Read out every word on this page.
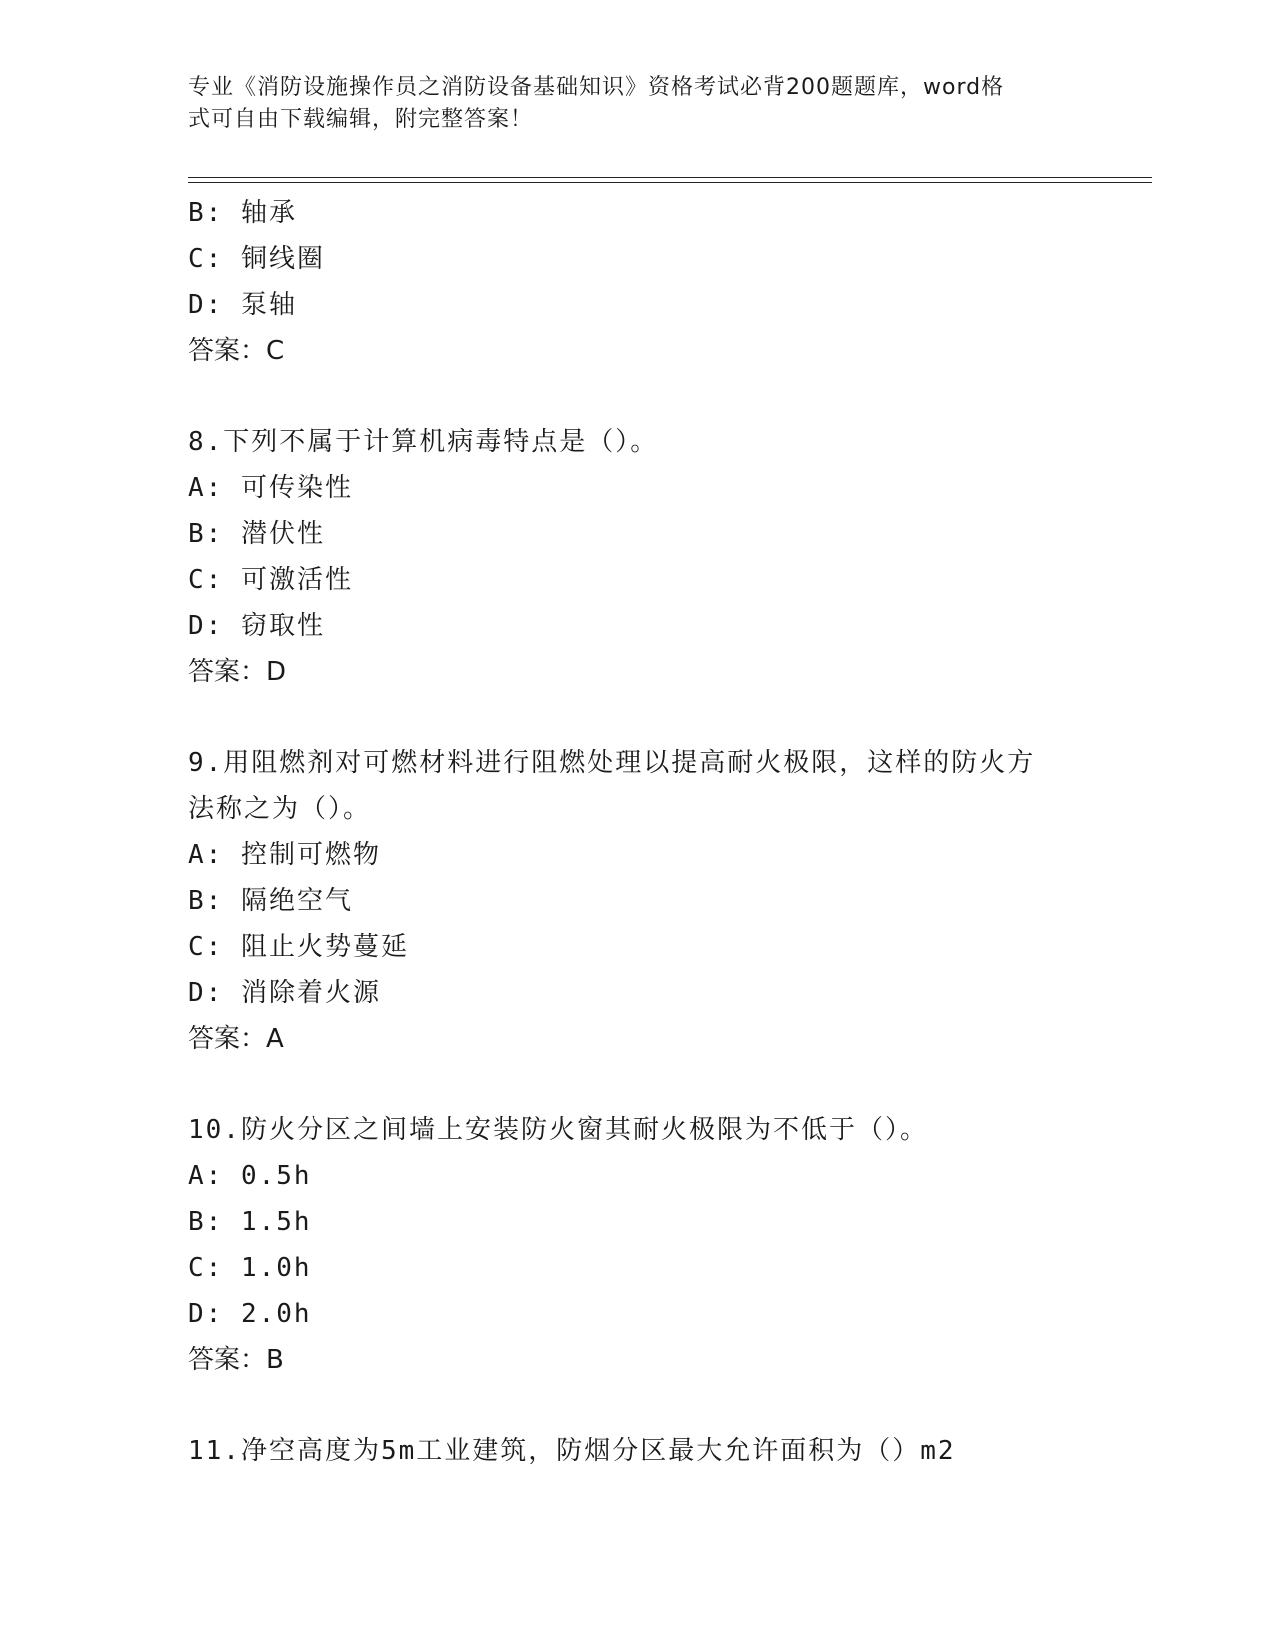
专业《消防设施操作员之消防设备基础知识》资格考试必背200题题库，word格
式可自由下载编辑，附完整答案！
B: 轴承
C: 铜线圈
D: 泵轴
答案：C
8.下列不属于计算机病毒特点是（）。
A: 可传染性
B: 潜伏性
C: 可激活性
D: 窃取性
答案：D
9.用阻燃剂对可燃材料进行阻燃处理以提高耐火极限，这样的防火方
法称之为（）。
A: 控制可燃物
B: 隔绝空气
C: 阻止火势蔓延
D: 消除着火源
答案：A
10.防火分区之间墙上安装防火窗其耐火极限为不低于（）。
A: 0.5h
B: 1.5h
C: 1.0h
D: 2.0h
答案：B
11.净空高度为5m工业建筑，防烟分区最大允许面积为（）m2
